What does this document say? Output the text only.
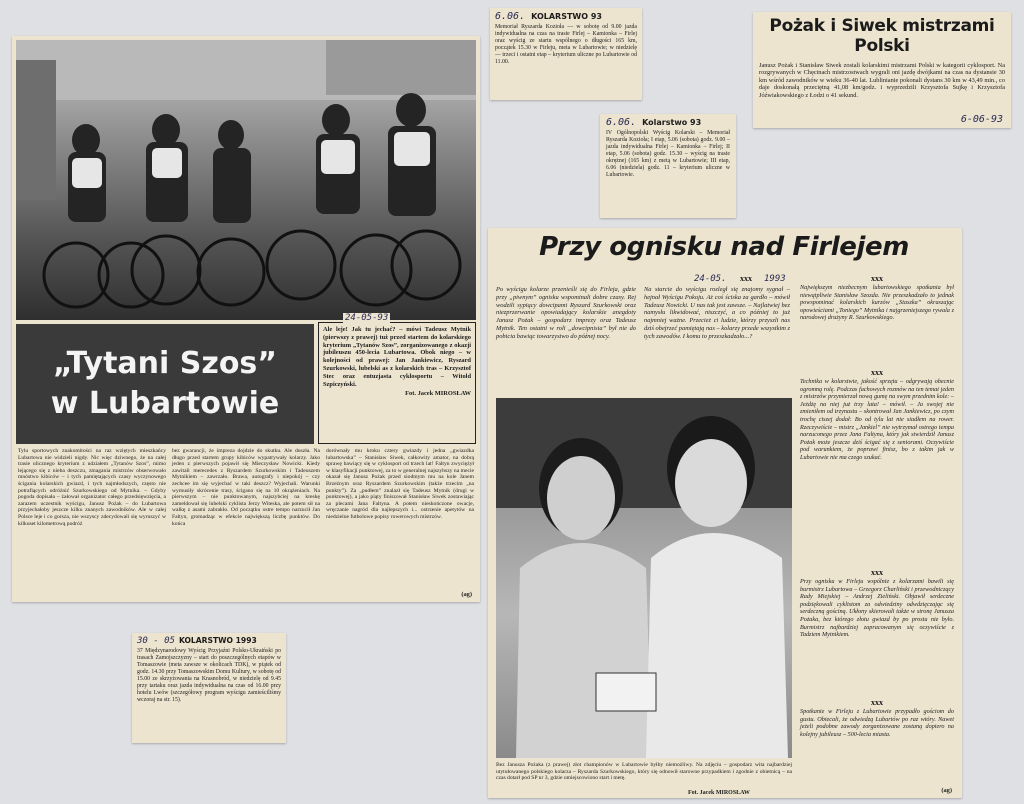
6.06. KOLARSTWO 93
Memoriał Ryszarda Kozioła — w sobotę od 9.00 jazda indywidualna na czas na trasie Firlej – Kamionka – Firlej oraz wyścig ze startu wspólnego o długości 165 km, początek 15.30 w Firleju, meta w Lubartowie; w niedzielę — trzeci i ostatni etap – kryterium uliczne po Lubartowie od 11.00.
Pożak i Siwek mistrzami Polski
Janusz Pożak i Stanisław Siwek zostali kolarskimi mistrzami Polski w kategorii cyklosport. Na rozgrywanych w Chęcinach mistrzostwach wygrali oni jazdę dwójkami na czas na dystansie 30 km wśród zawodników w wieku 36-40 lat. Lublinianie pokonali dystans 30 km w 43,49 min., co daje doskonałą przeciętną 41,08 km/godz. i wyprzedzili Krzysztofa Sujkę i Krzysztofa Jóźwiakowskiego z Łodzi o 41 sekund.
6-06-93
6.06. Kolarstwo 93
IV Ogólnopolski Wyścig Kolarski – Memoriał Ryszarda Kozioła; I etap, 5.06 (sobota) godz. 9.00 – jazda indywidualna Firlej – Kamionka – Firlej; II etap, 5.06 (sobota) godz. 15.30 – wyścig na trasie okrężnej (165 km) z metą w Lubartowie; III etap, 6.06 (niedziela) godz. 11 – kryterium uliczne w Lubartowie.
„Tytani Szos”
w Lubartowie
24-05-93
Ale leje! Jak tu jechać? – mówi Tadeusz Mytnik (pierwszy z prawej) tuż przed startem do kolarskiego kryterium „Tytanów Szos”, zorganizowanego z okazji jubileuszu 450-lecia Lubartowa. Obok niego – w kolejności od prawej: Jan Jankiewicz, Ryszard Szurkowski, lubelski as z kolarskich tras – Krzysztof Stec oraz entuzjasta cyklosportu – Witold Szpiczyński.
Fot. Jacek MIROSŁAW
Tylu sportowych znakomitości na raz wziętych mieszkańcy Lubartowa nie widzieli nigdy. Nic więc dziwnego, że na całej trasie ulicznego kryterium z udziałem „Tytanów Szos”, mimo lejącego się z nieba deszczu, zmagania mistrzów obserwowało mnóstwo kibiców – i tych pamiętających czasy wyczynowego ścigania kolarskich gwiazd, i tych najmłodszych, często nie potrafiących odróżnić Szurkowskiego od Mytnika. – Gdyby pogoda dopisała – żałował organizator całego przedsięwzięcia, a zarazem uczestnik wyścigu, Janusz Pożak – do Lubartowa przyjechałoby jeszcze kilku znanych zawodników. Ale w całej Polsce leje i co gorsza, nie wszyscy zdecydowali się wyruszyć w kilkuset kilometrową podróż
bez gwarancji, że impreza dojdzie do skutku. Ale doszła. Na długo przed startem grupy kibiców wypatrywały kolarzy. Jako jeden z pierwszych pojawił się Mieczysław Nowicki. Kiedy zawitali merecedes z Ryszardem Szurkowskim i Tadeuszem Mytnikiem – zawrzało. Brawa, autografy i niepokój – czy zechcee im się wyjechać w taki deszcz? Wyjechali. Warunki wymusiły skrócenie trasy, ścigano się na 10 okrążeniach. Na pierwszym – nie punktowanym, najszybciej na kreskę zameldował się lubelski cyklista Jerzy Witeska, ale potem sił na walkę z asami zabrakło. Od początku ostre tempo narzucił Jan Faltyn, gromadząc w efekcie największą liczbę punktów. Do końca
dorównały mu kroku cztery gwiazdy i jedna „gwiazdka lubartowska” – Stanisław Siwek, całkowity amator, na dobrą sprawę bawiący się w cyklosport od trzech lat! Faltyn zwyciężył w klasyfikacji punktowej, za to w generalnej najszybszy na mecie okazał się Janusz Pożak przed siodmym mu na kole Janem Brzeźnym oraz Ryszardem Szurkowskim (także trzecim „na punkty”). Za „pudłem” znalazł się Tadeusz Mytnik (drugi w punktowej), a jako piąty finiszował Stanisław Siwek zostawiając za plecami Jana Faltyna. A potem nieskończone owacje, wręczanie nagród dla najlepszych i... ostrzenie apetytów na niedzielne futbolowe popisy rowerowych mistrzów.
(ag)
30 - 05 KOLARSTWO 1993
37 Międzynarodowy Wyścig Przyjaźni Polsko-Ukraiński po trasach Zamojszczyzny – start do poszczególnych etapów w Tomaszowie (meta zawsze w okolicach TDK), w piątek od godz. 14.30 przy Tomaszowskim Domu Kultury, w sobotę od 15.00 ze skrzyżowania na Krasnobród, w niedzielę od 9.45 przy tartaku oraz jazda indywidualna na czas od 16.00 przy hotelu Lwów (szczegółowy program wyścigu zamieściliśmy wczoraj na str. 15).
Przy ognisku nad Firlejem
24-05. xxx 1993
Po wyścigu kolarze przenieśli się do Firleja, gdzie przy „piwnym” ognisku wspominali dobre czasy. Rej wodzili sypiący dowcipami Ryszard Szurkowski oraz niezprzerwanie opowiadający kolarskie anegdoty Janusz Pożak – gospodarz imprezy oraz Tadeusz Mytnik. Ten ostatni w roli „dowcipnisia” był nie do pobicia bawiąc towarzystwo do późnej nocy.
Na starcie do wyścigu rozległ się znajomy sygnał – hejnał Wyścigu Pokoju. Aż coś ściska za gardło – mówił Tadeusz Nowicki. U nas tak jest zawsze. – Najlatwiej bez namysłu likwidować, niszczyć, a co później to już najmniej ważne. Przecież ci ludzie, którzy przyszli nas dziś obejrzeć pamiętają nas – kolarzy przede wszystkim z tych zawodów. I komu to przeszkadzało...?
Bez Janusza Pożaka (z prawej) złot championów w Lubartowie byłby niemożliwy. Na zdjęciu – gospodarz wita najbardziej utytułowanego polskiego kolarza – Ryszarda Szurkowskiego, który się odnowił starowne przypadkiem i zgodnie z obietnicą – na czas dotarł pod SP nr 3, gdzie umiejscowiono start i metę.
Fot. Jacek MIROSŁAW
xxx
Największym niezbecnym lubartowskiego spotkania był niewątpliwie Stanisław Szozda. Nie przeszkadzało to jednak powspominać kolarskich kurzów „Staszka” okraszając opowieściami „Toniego” Mytnika i najgrzeniejszego rywala z narodowej drużyny R. Szurkowskiego.
xxx
Technika w kolarstwie, jakość sprzętu – odgrywają obecnie ogromną rolę. Podczas fachowych rozmów na ten temat jeden z mistrzów przymierzał nową gumę na swym przednim kole: – Jeżdżę na niej już trzy lata! – mówił. – Ja swojej nie zmieniłem od trzynastu – skontrował Jan Jankiewicz, po czym trochę ciszej dodał: Bo od tylu lat nie siadłem na rower. Rzeczywiście – mistrz „Jankiel” nie wytrzymał ostrego tempa narzuconego przez Jana Faltyna, który jak stwierdził Janusz Pożak może jeszcze dziś ścigać się z seniorami. Oczywiście pod warunkiem, że poprawi finisz, bo z takim jak w Lubartowie nie ma czego szukać.
xxx
Przy ognisku w Firleju wspólnie z kolarzami bawili się burmistrz Lubartowa – Grzegorz Charliński i przewodniczący Rady Miejskiej – Andrzej Zieliński. Objawił serdeczne podziękowali cyklistom za odwiedziny odwdzięczając się serdeczną gościną. Ukłony skierowali także w stronę Janusza Pożaka, bez którego złotu gwiazd by po prostu nie było. Burmistrz najbardziej zapracowanym się oczywiście z Tadziem Mytnikiem.
xxx
Spotkanie w Firleju z Lubartowie przypadło gościom do gustu. Obiecali, że odwiedzą Lubartów po raz wtóry. Nawet jeżeli podobne zawody zorganizowane zostaną dopiero na kolejny jubileusz – 500-lecia miasta.
(ag)
